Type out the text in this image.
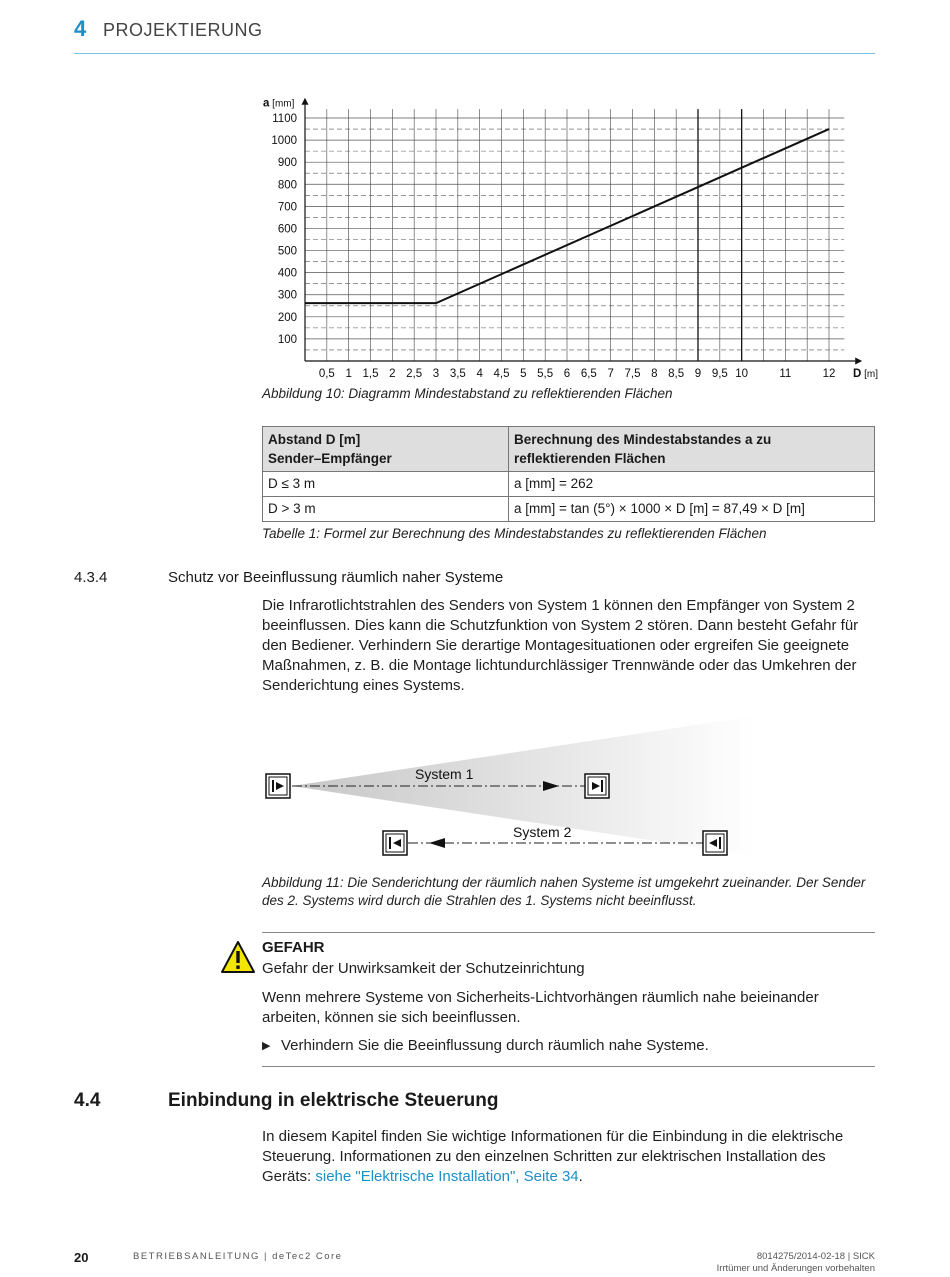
4 PROJEKTIERUNG
100
200
300
400
500
600
700
800
900
1000
1100
0,5 1 1,5 2 2,5 3 3,5 4 4,5 5 5,5 6 6,5 7 7,5 8 8,5 9 9,5 10	11	12
a [mm]
D [m]
Abbildung 10: Diagramm Mindestabstand zu reflektierenden Flächen
Abstand D [m]
Sender–Empfänger	Berechnung des Mindestabstandes a zu reflektierenden Flächen
D ≤ 3 m	a [mm] = 262
D > 3 m	a [mm] = tan (5°) × 1000 × D [m] = 87,49 × D [m]
Tabelle 1: Formel zur Berechnung des Mindestabstandes zu reflektierenden Flächen
4.3.4	Schutz vor Beeinflussung räumlich naher Systeme
Die Infrarotlichtstrahlen des Senders von System 1 können den Empfänger von System 2 beeinflussen. Dies kann die Schutzfunktion von System 2 stören. Dann besteht Gefahr für den Bediener. Verhindern Sie derartige Montagesituationen oder ergreifen Sie geeignete Maßnahmen, z. B. die Montage lichtundurchlässiger Trennwände oder das Umkehren der Senderichtung eines Systems.
System 1
System 2
Abbildung 11: Die Senderichtung der räumlich nahen Systeme ist umgekehrt zueinander. Der Sender des 2. Systems wird durch die Strahlen des 1. Systems nicht beeinflusst.
GEFAHR
Gefahr der Unwirksamkeit der Schutzeinrichtung
Wenn mehrere Systeme von Sicherheits-Lichtvorhängen räumlich nahe beieinander arbeiten, können sie sich beeinflussen.
▶ Verhindern Sie die Beeinflussung durch räumlich nahe Systeme.
4.4	Einbindung in elektrische Steuerung
In diesem Kapitel finden Sie wichtige Informationen für die Einbindung in die elektrische Steuerung. Informationen zu den einzelnen Schritten zur elektrischen Installation des Geräts: siehe "Elektrische Installation", Seite 34.
20	BETRIEBSANLEITUNG | deTec2 Core	8014275/2014-02-18 | SICK
Irrtümer und Änderungen vorbehalten
